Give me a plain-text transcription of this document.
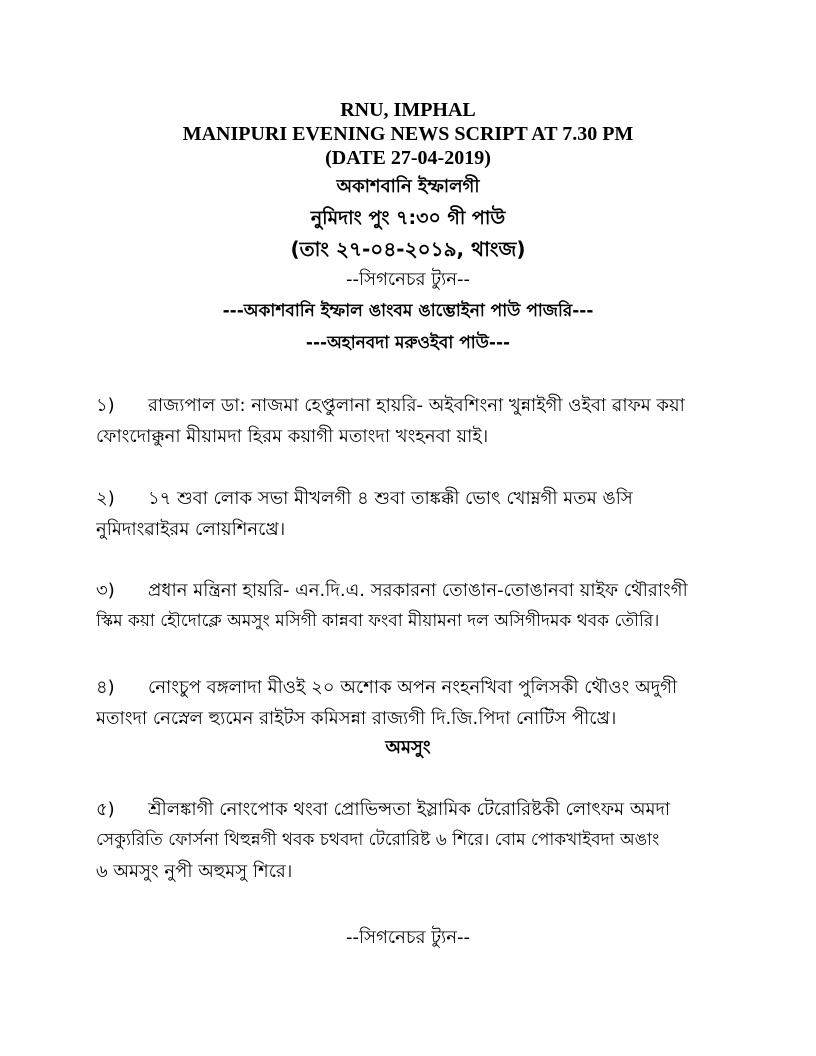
RNU, IMPHAL
MANIPURI EVENING NEWS SCRIPT AT 7.30 PM
(DATE 27-04-2019)
অকাশবানি ইম্ফালগী
নুমিদাং পুং ৭:৩০ গী পাউ
(তাং ২৭-০৪-২০১৯, থাংজ)
--সিগনেচর ট্যুন--
---অকাশবানি ইম্ফাল ঙাংবম ঙাম্ভোইনা পাউ পাজরি---
---অহানবদা মরুওইবা পাউ---
১) রাজ্যপাল ডা: নাজমা হেপ্তুলানা হায়রি- অইবশিংনা খুন্নাইগী ওইবা ৱাফম কয়া
ফোংদোক্কুনা মীয়ামদা হিরম কয়াগী মতাংদা খংহনবা য়াই।
২) ১৭ শুবা লোক সভা মীখলগী ৪ শুবা তাঙ্কক্কী ভোৎ খোম্নগী মতম ঙসি
নুমিদাংৱাইরম লোয়শিনখ্রে।
৩) প্রধান মন্ত্রিনা হায়রি- এন.দি.এ. সরকারনা তোঙান-তোঙানবা য়াইফ থৌরাংগী
স্কিম কয়া হৌদোক্লে অমসুং মসিগী কান্নবা ফংবা মীয়ামনা দল অসিগীদমক থবক তৌরি।
৪) নোংচুপ বঙ্গলাদা মীওই ২০ অশোক অপন নংহনখিবা পুলিসকী থৌওং অদুগী
মতাংদা নেস্নেল হ্যুমেন রাইটস কমিসন্না রাজ্যগী দি.জি.পিদা নোটিস পীখ্রে।
অমসুং
৫) শ্রীলঙ্কাগী নোংপোক থংবা প্রোভিন্সতা ইস্লামিক টেরোরিষ্টকী লোৎফম অমদা
সেক্যুরিতি ফোর্সনা থিহুন্নগী থবক চথবদা টেরোরিষ্ট ৬ শিরে। বোম পোকখাইবদা অঙাং
৬ অমসুং নুপী অহুমসু শিরে।
--সিগনেচর ট্যুন--
